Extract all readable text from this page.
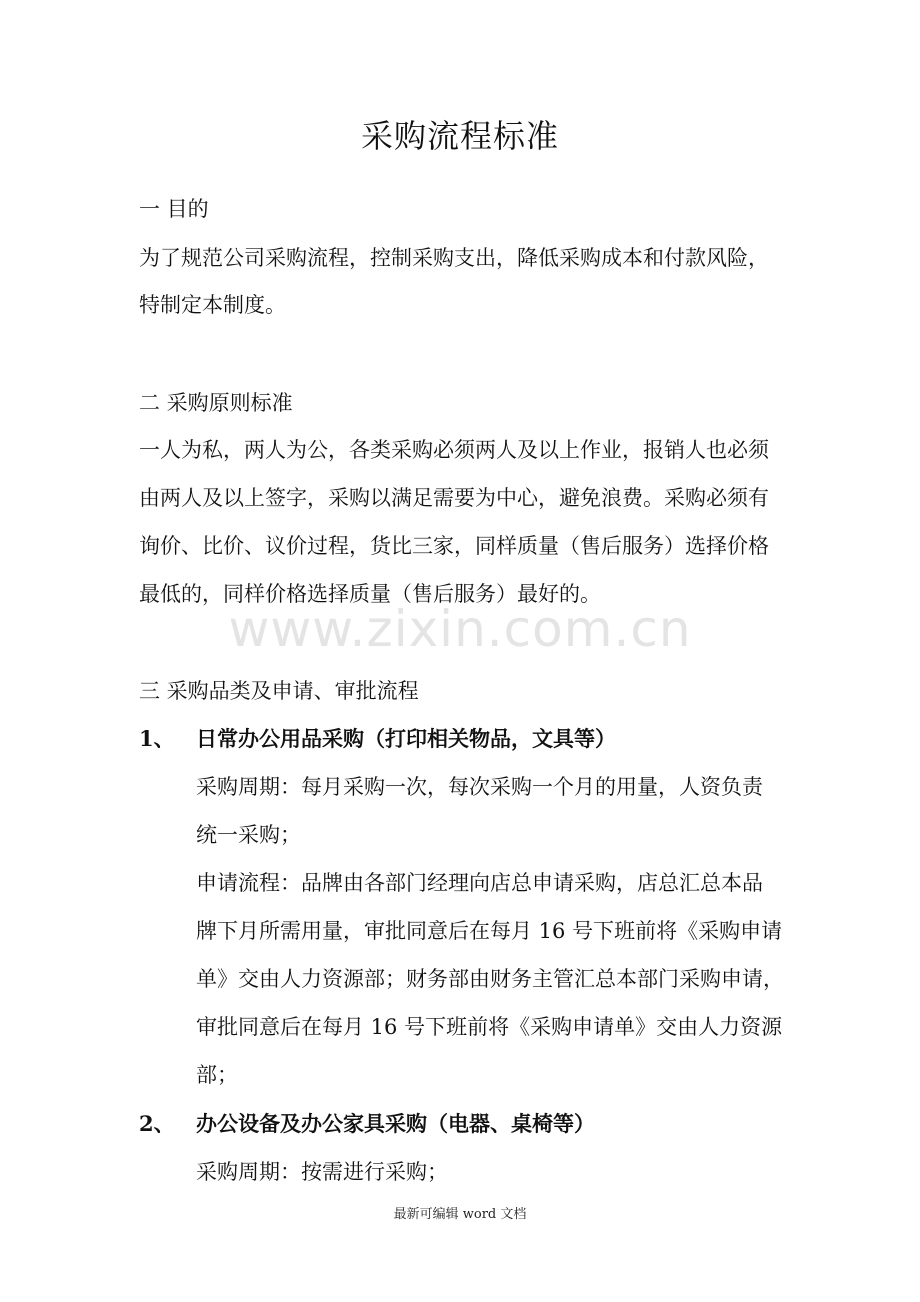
采购流程标准
一 目的
为了规范公司采购流程，控制采购支出，降低采购成本和付款风险，
特制定本制度。
二 采购原则标准
一人为私，两人为公，各类采购必须两人及以上作业，报销人也必须
由两人及以上签字，采购以满足需要为中心，避免浪费。采购必须有
询价、比价、议价过程，货比三家，同样质量（售后服务）选择价格
最低的，同样价格选择质量（售后服务）最好的。
www.zixin.com.cn
三 采购品类及申请、审批流程
1、 日常办公用品采购（打印相关物品，文具等）
采购周期：每月采购一次，每次采购一个月的用量，人资负责
统一采购；
申请流程：品牌由各部门经理向店总申请采购，店总汇总本品
牌下月所需用量，审批同意后在每月 16 号下班前将《采购申请
单》交由人力资源部；财务部由财务主管汇总本部门采购申请，
审批同意后在每月 16 号下班前将《采购申请单》交由人力资源
部；
2、 办公设备及办公家具采购（电器、桌椅等）
采购周期：按需进行采购；
最新可编辑 word 文档
